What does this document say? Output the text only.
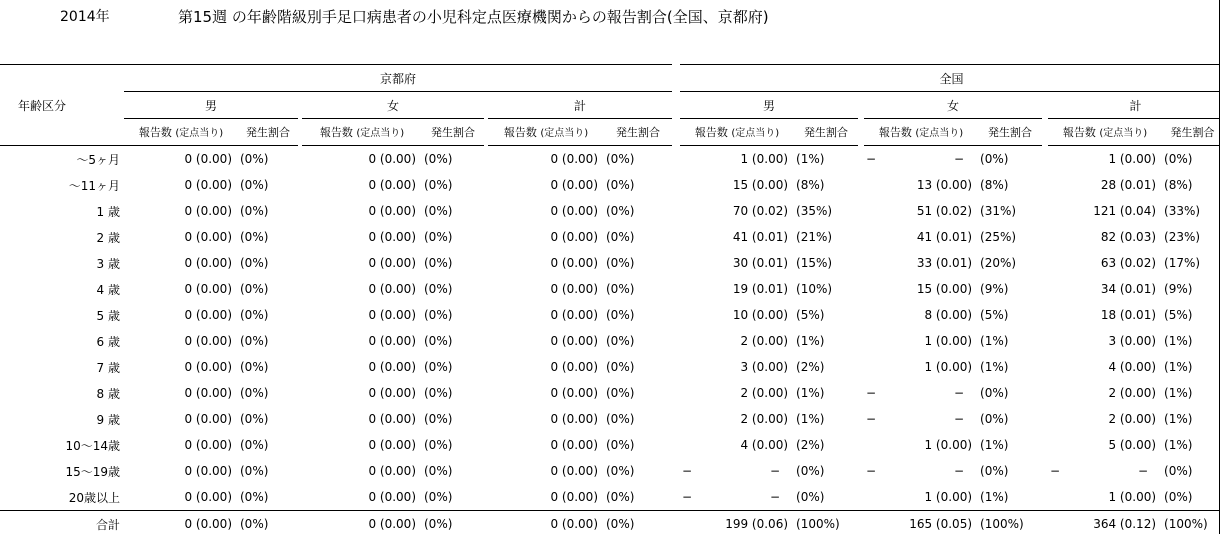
2014年	第15週 の年齢階級別手足口病患者の小児科定点医療機関からの報告割合(全国、京都府)
年齢区分	京都府									全国							
	男			女			計			男			女			計	
	報告数 (定点当り)	発生割合		報告数 (定点当り)	発生割合		報告数 (定点当り)	発生割合		報告数 (定点当り)	発生割合		報告数 (定点当り)	発生割合		報告数 (定点当り)	発生割合
〜5ヶ月	0 (0.00)	(0%)		0 (0.00)	(0%)		0 (0.00)	(0%)		1 (0.00)	(1%)		− −	(0%)		1 (0.00)	(0%)
〜11ヶ月	0 (0.00)	(0%)		0 (0.00)	(0%)		0 (0.00)	(0%)		15 (0.00)	(8%)		13 (0.00)	(8%)		28 (0.01)	(8%)
1 歳	0 (0.00)	(0%)		0 (0.00)	(0%)		0 (0.00)	(0%)		70 (0.02)	(35%)		51 (0.02)	(31%)		121 (0.04)	(33%)
2 歳	0 (0.00)	(0%)		0 (0.00)	(0%)		0 (0.00)	(0%)		41 (0.01)	(21%)		41 (0.01)	(25%)		82 (0.03)	(23%)
3 歳	0 (0.00)	(0%)		0 (0.00)	(0%)		0 (0.00)	(0%)		30 (0.01)	(15%)		33 (0.01)	(20%)		63 (0.02)	(17%)
4 歳	0 (0.00)	(0%)		0 (0.00)	(0%)		0 (0.00)	(0%)		19 (0.01)	(10%)		15 (0.00)	(9%)		34 (0.01)	(9%)
5 歳	0 (0.00)	(0%)		0 (0.00)	(0%)		0 (0.00)	(0%)		10 (0.00)	(5%)		8 (0.00)	(5%)		18 (0.01)	(5%)
6 歳	0 (0.00)	(0%)		0 (0.00)	(0%)		0 (0.00)	(0%)		2 (0.00)	(1%)		1 (0.00)	(1%)		3 (0.00)	(1%)
7 歳	0 (0.00)	(0%)		0 (0.00)	(0%)		0 (0.00)	(0%)		3 (0.00)	(2%)		1 (0.00)	(1%)		4 (0.00)	(1%)
8 歳	0 (0.00)	(0%)		0 (0.00)	(0%)		0 (0.00)	(0%)		2 (0.00)	(1%)		− −	(0%)		2 (0.00)	(1%)
9 歳	0 (0.00)	(0%)		0 (0.00)	(0%)		0 (0.00)	(0%)		2 (0.00)	(1%)		− −	(0%)		2 (0.00)	(1%)
10〜14歳	0 (0.00)	(0%)		0 (0.00)	(0%)		0 (0.00)	(0%)		4 (0.00)	(2%)		1 (0.00)	(1%)		5 (0.00)	(1%)
15〜19歳	0 (0.00)	(0%)		0 (0.00)	(0%)		0 (0.00)	(0%)		− −	(0%)		− −	(0%)		− −	(0%)
20歳以上	0 (0.00)	(0%)		0 (0.00)	(0%)		0 (0.00)	(0%)		− −	(0%)		1 (0.00)	(1%)		1 (0.00)	(0%)
合計	0 (0.00)	(0%)		0 (0.00)	(0%)		0 (0.00)	(0%)		199 (0.06)	(100%)		165 (0.05)	(100%)		364 (0.12)	(100%)
